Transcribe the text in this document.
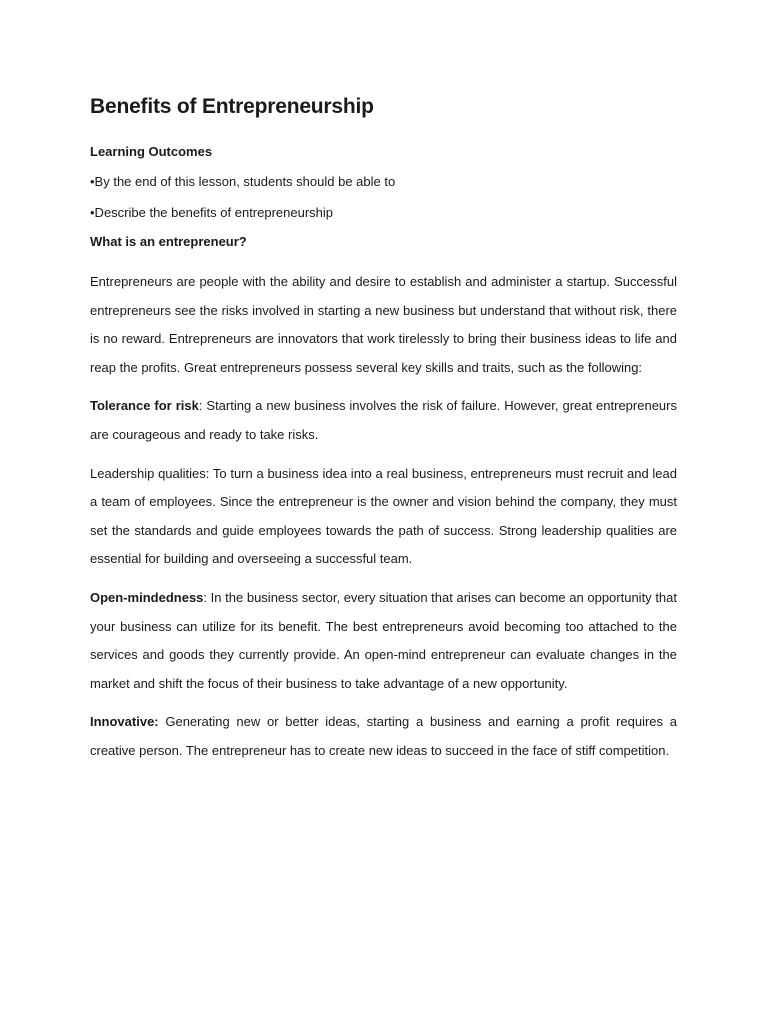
Benefits of Entrepreneurship
Learning Outcomes
•By the end of this lesson, students should be able to
•Describe the benefits of entrepreneurship
What is an entrepreneur?

Entrepreneurs are people with the ability and desire to establish and administer a startup. Successful entrepreneurs see the risks involved in starting a new business but understand that without risk, there is no reward. Entrepreneurs are innovators that work tirelessly to bring their business ideas to life and reap the profits. Great entrepreneurs possess several key skills and traits, such as the following:

Tolerance for risk: Starting a new business involves the risk of failure. However, great entrepreneurs are courageous and ready to take risks.

Leadership qualities: To turn a business idea into a real business, entrepreneurs must recruit and lead a team of employees. Since the entrepreneur is the owner and vision behind the company, they must set the standards and guide employees towards the path of success. Strong leadership qualities are essential for building and overseeing a successful team.

Open-mindedness: In the business sector, every situation that arises can become an opportunity that your business can utilize for its benefit. The best entrepreneurs avoid becoming too attached to the services and goods they currently provide. An open-mind entrepreneur can evaluate changes in the market and shift the focus of their business to take advantage of a new opportunity.

Innovative: Generating new or better ideas, starting a business and earning a profit requires a creative person. The entrepreneur has to create new ideas to succeed in the face of stiff competition.
